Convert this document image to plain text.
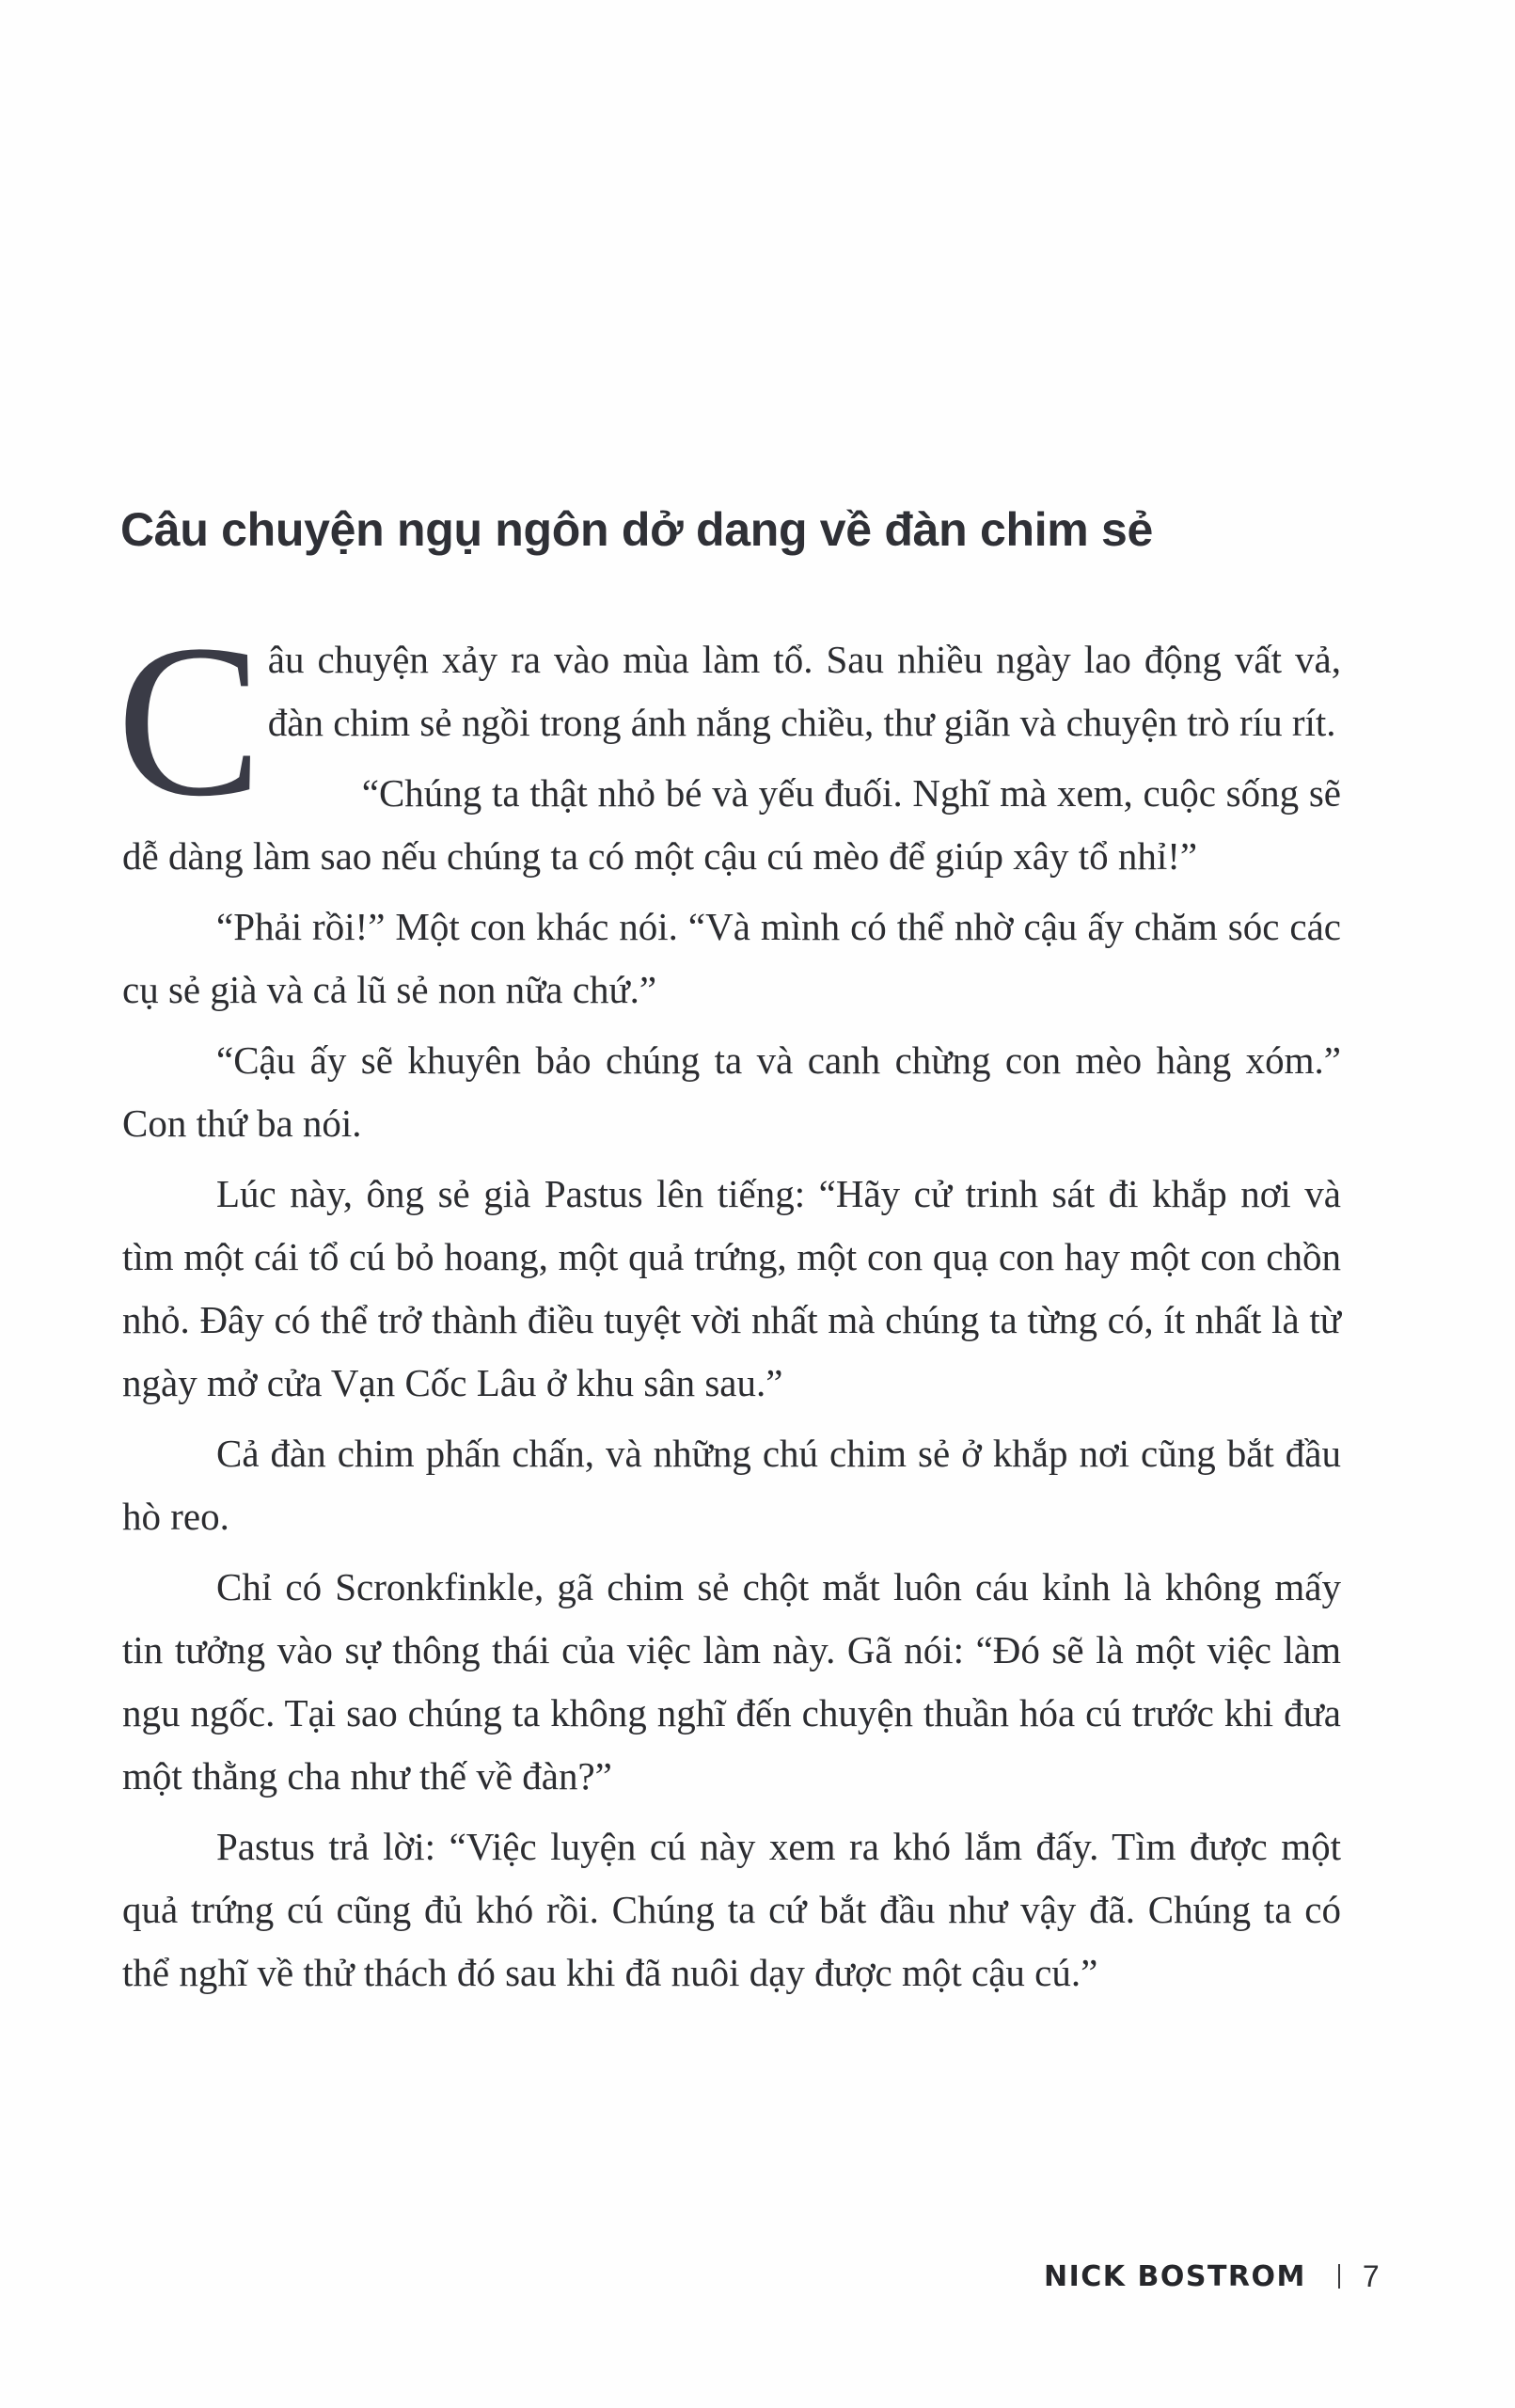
Câu chuyện ngụ ngôn dở dang về đàn chim sẻ

Câu chuyện xảy ra vào mùa làm tổ. Sau nhiều ngày lao động vất vả, đàn chim sẻ ngồi trong ánh nắng chiều, thư giãn và chuyện trò ríu rít.

“Chúng ta thật nhỏ bé và yếu đuối. Nghĩ mà xem, cuộc sống sẽ dễ dàng làm sao nếu chúng ta có một cậu cú mèo để giúp xây tổ nhỉ!”

“Phải rồi!” Một con khác nói. “Và mình có thể nhờ cậu ấy chăm sóc các cụ sẻ già và cả lũ sẻ non nữa chứ.”

“Cậu ấy sẽ khuyên bảo chúng ta và canh chừng con mèo hàng xóm.” Con thứ ba nói.

Lúc này, ông sẻ già Pastus lên tiếng: “Hãy cử trinh sát đi khắp nơi và tìm một cái tổ cú bỏ hoang, một quả trứng, một con quạ con hay một con chồn nhỏ. Đây có thể trở thành điều tuyệt vời nhất mà chúng ta từng có, ít nhất là từ ngày mở cửa Vạn Cốc Lâu ở khu sân sau.”

Cả đàn chim phấn chấn, và những chú chim sẻ ở khắp nơi cũng bắt đầu hò reo.

Chỉ có Scronkfinkle, gã chim sẻ chột mắt luôn cáu kỉnh là không mấy tin tưởng vào sự thông thái của việc làm này. Gã nói: “Đó sẽ là một việc làm ngu ngốc. Tại sao chúng ta không nghĩ đến chuyện thuần hóa cú trước khi đưa một thằng cha như thế về đàn?”

Pastus trả lời: “Việc luyện cú này xem ra khó lắm đấy. Tìm được một quả trứng cú cũng đủ khó rồi. Chúng ta cứ bắt đầu như vậy đã. Chúng ta có thể nghĩ về thử thách đó sau khi đã nuôi dạy được một cậu cú.”

NICK BOSTROM 7
